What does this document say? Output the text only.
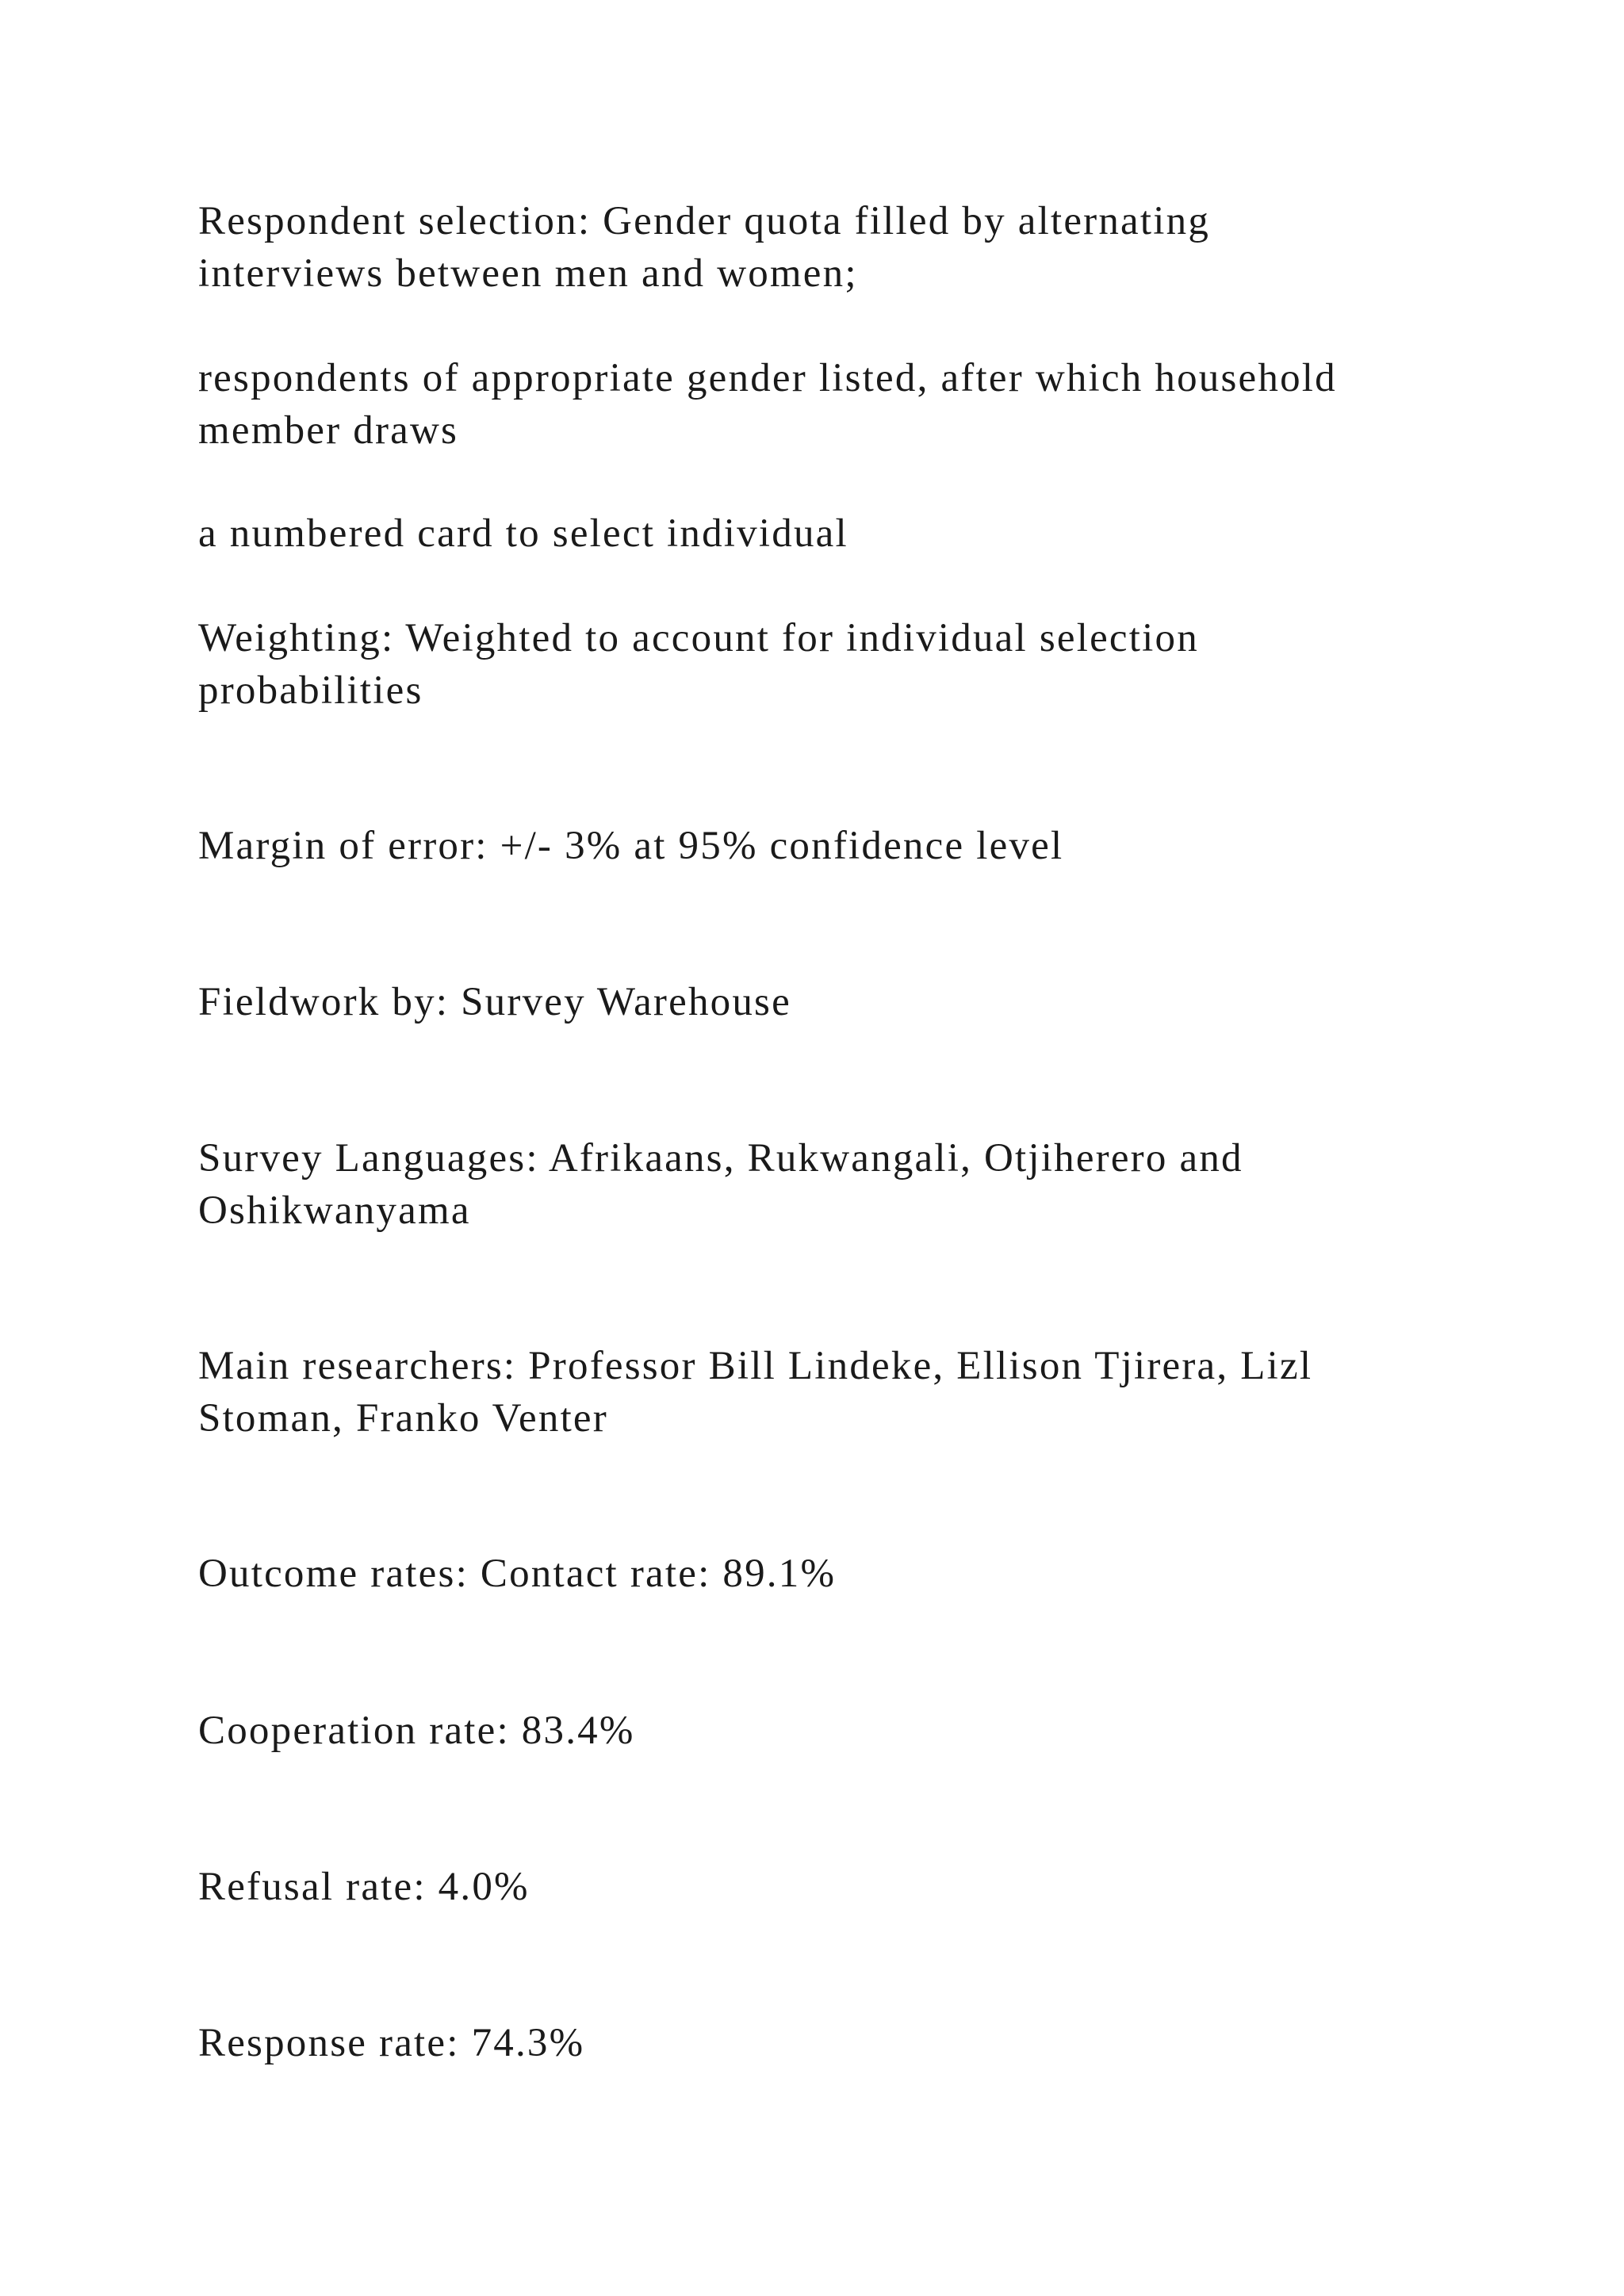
Respondent selection: Gender quota filled by alternating
interviews between men and women;

respondents of appropriate gender listed, after which household
member draws

a numbered card to select individual

Weighting: Weighted to account for individual selection
probabilities

Margin of error: +/- 3% at 95% confidence level

Fieldwork by: Survey Warehouse

Survey Languages: Afrikaans, Rukwangali, Otjiherero and
Oshikwanyama

Main researchers: Professor Bill Lindeke, Ellison Tjirera, Lizl
Stoman, Franko Venter

Outcome rates: Contact rate: 89.1%

Cooperation rate: 83.4%

Refusal rate: 4.0%

Response rate: 74.3%
